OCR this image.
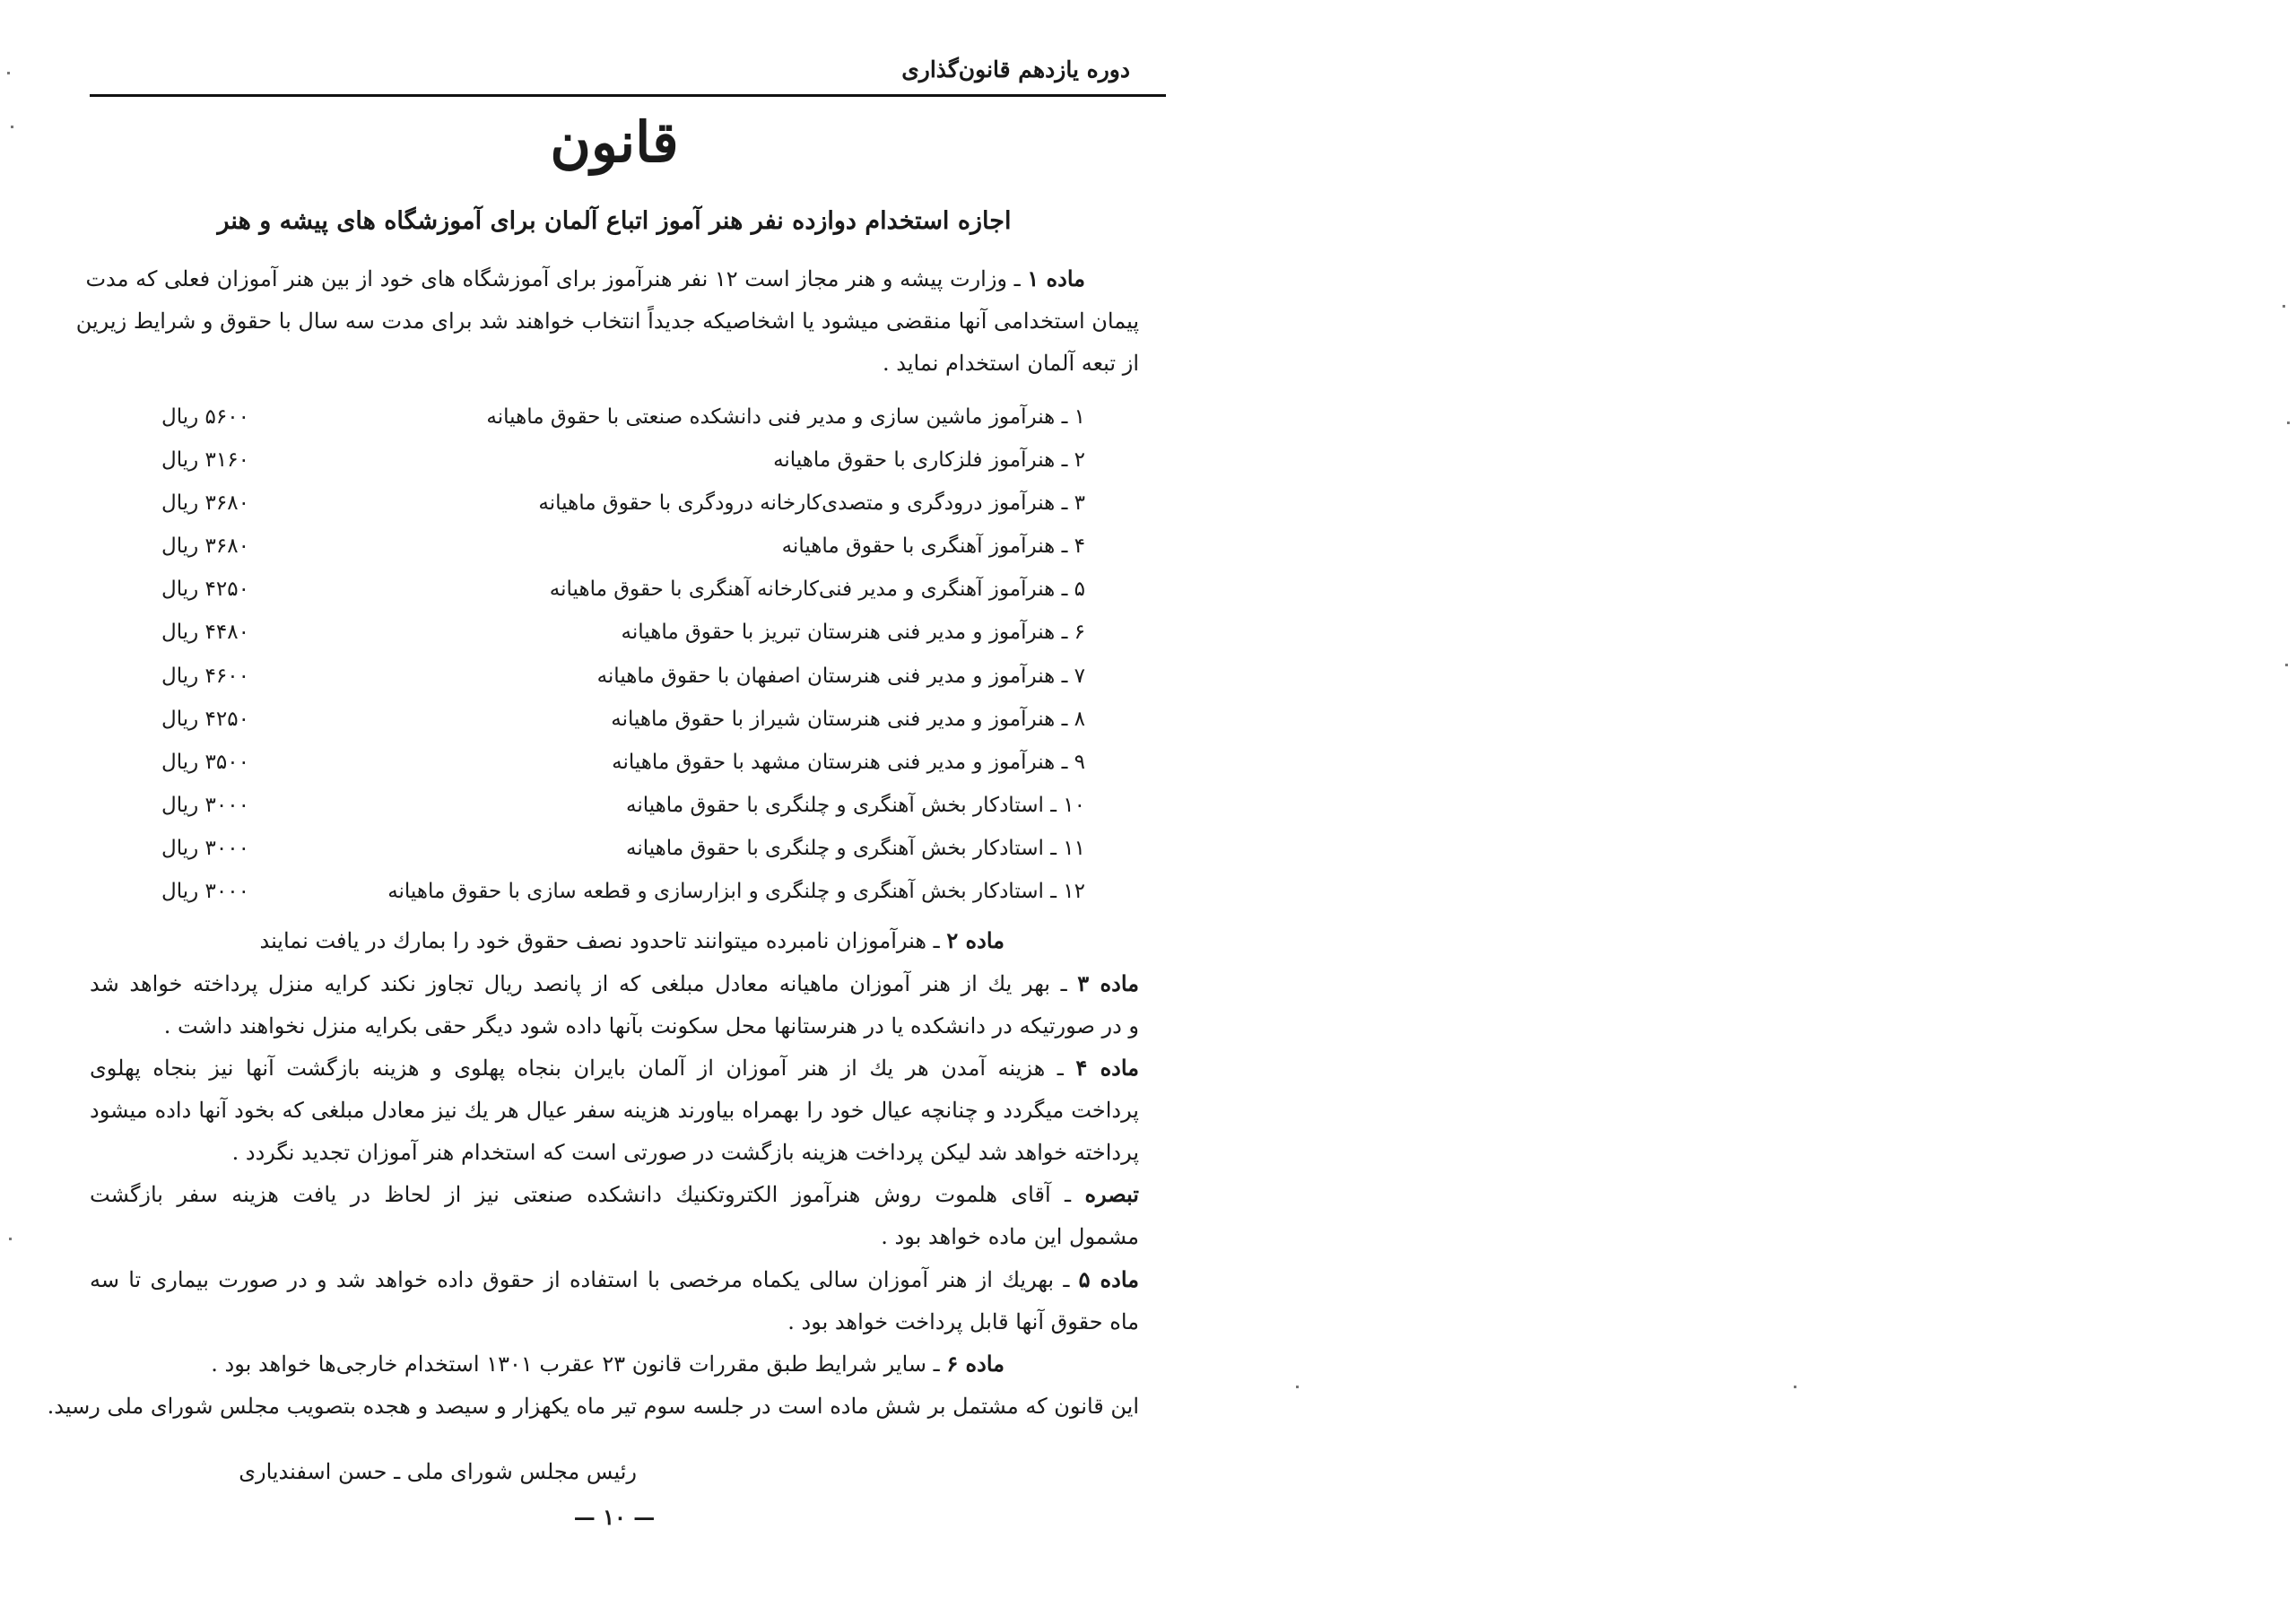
دوره یازدهم قانون‌گذاری
قانون
اجازه استخدام دوازده نفر هنر آموز اتباع آلمان برای آموزشگاه های پیشه و هنر
ماده ۱ ـ وزارت پیشه و هنر مجاز است ۱۲ نفر هنرآموز برای آموزشگاه های خود از بین هنر آموزان فعلی که مدت
پیمان استخدامی آنها منقضی میشود یا اشخاصیکه جدیداً انتخاب خواهند شد برای مدت سه سال با حقوق و شرایط زیرین
از تبعه آلمان استخدام نماید .
۱ ـ هنرآموز ماشین سازی و مدیر فنی دانشکده صنعتی با حقوق ماهیانه
۵۶۰۰ ریال
۲ ـ هنرآموز فلزکاری با حقوق ماهیانه
۳۱۶۰ ریال
۳ ـ هنرآموز درودگری و متصدی‌کارخانه درودگری با حقوق ماهیانه
۳۶۸۰ ریال
۴ ـ هنرآموز آهنگری با حقوق ماهیانه
۳۶۸۰ ریال
۵ ـ هنرآموز آهنگری و مدیر فنی‌کارخانه آهنگری با حقوق ماهیانه
۴۲۵۰ ریال
۶ ـ هنرآموز و مدیر فنی هنرستان تبریز با حقوق ماهیانه
۴۴۸۰ ریال
۷ ـ هنرآموز و مدیر فنی هنرستان اصفهان با حقوق ماهیانه
۴۶۰۰ ریال
۸ ـ هنرآموز و مدیر فنی هنرستان شیراز با حقوق ماهیانه
۴۲۵۰ ریال
۹ ـ هنرآموز و مدیر فنی هنرستان مشهد با حقوق ماهیانه
۳۵۰۰ ریال
۱۰ ـ استادکار بخش آهنگری و چلنگری با حقوق ماهیانه
۳۰۰۰ ریال
۱۱ ـ استادکار بخش آهنگری و چلنگری با حقوق ماهیانه
۳۰۰۰ ریال
۱۲ ـ استادکار بخش آهنگری و چلنگری و ابزارسازی و قطعه سازی با حقوق ماهیانه
۳۰۰۰ ریال
ماده ۲ ـ هنرآموزان نامبرده میتوانند تاحدود نصف حقوق خود را بمارك در یافت نمایند
ماده ۳ ـ بهر یك از هنر آموزان ماهیانه معادل مبلغی که از پانصد ریال تجاوز نکند کرایه منزل پرداخته خواهد شد
و در صورتیکه در دانشکده یا در هنرستانها محل سکونت بآنها داده شود دیگر حقی بکرایه منزل نخواهند داشت .
ماده ۴ ـ هزینه آمدن هر یك از هنر آموزان از آلمان بایران بنجاه پهلوی و هزینه بازگشت آنها نیز بنجاه پهلوی
پرداخت میگردد و چنانچه عیال خود را بهمراه بیاورند هزینه سفر عیال هر یك نیز معادل مبلغی که بخود آنها داده میشود
پرداخته خواهد شد لیکن پرداخت هزینه بازگشت در صورتی است که استخدام هنر آموزان تجدید نگردد .
تبصره ـ آقای هلموت روش هنرآموز الکتروتکنیك دانشکده صنعتی نیز از لحاظ در یافت هزینه سفر بازگشت
مشمول این ماده خواهد بود .
ماده ۵ ـ بهریك از هنر آموزان سالی یکماه مرخصی با استفاده از حقوق داده خواهد شد و در صورت بیماری تا سه
ماه حقوق آنها قابل پرداخت خواهد بود .
ماده ۶ ـ سایر شرایط طبق مقررات قانون ۲۳ عقرب ۱۳۰۱ استخدام خارجی‌ها خواهد بود .
این قانون که مشتمل بر شش ماده است در جلسه سوم تیر ماه یکهزار و سیصد و هجده بتصویب مجلس شورای ملی رسید.
رئیس مجلس شورای ملی ـ حسن اسفندیاری
— ۱۰ —
